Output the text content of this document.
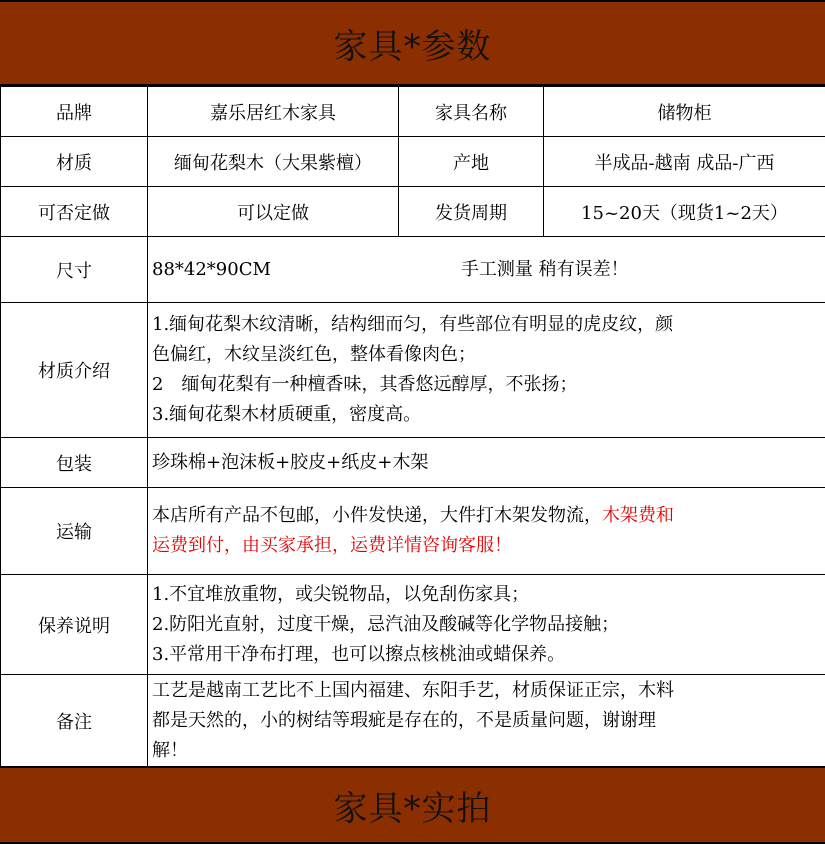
家具*参数
品牌	嘉乐居红木家具	家具名称	储物柜
材质	缅甸花梨木（大果紫檀）	产地	半成品-越南 成品-广西
可否定做	可以定做	发货周期	15~20天（现货1~2天）
尺寸	88*42*90CM 手工测量 稍有误差！		
材质介绍	1.缅甸花梨木纹清晰，结构细而匀，有些部位有明显的虎皮纹，颜
色偏红，木纹呈淡红色，整体看像肉色；
2　缅甸花梨有一种檀香味，其香悠远醇厚，不张扬；
3.缅甸花梨木材质硬重，密度高。		

包装	珍珠棉+泡沫板+胶皮+纸皮+木架		
运输	本店所有产品不包邮，小件发快递，大件打木架发物流，木架费和
运费到付，由买家承担，运费详情咨询客服！		

保养说明	1.不宜堆放重物，或尖锐物品，以免刮伤家具；
2.防阳光直射，过度干燥，忌汽油及酸碱等化学物品接触；
3.平常用干净布打理，也可以擦点核桃油或蜡保养。		

备注	工艺是越南工艺比不上国内福建、东阳手艺，材质保证正宗，木料
都是天然的，小的树结等瑕疵是存在的，不是质量问题，谢谢理
解！		
家具*实拍
